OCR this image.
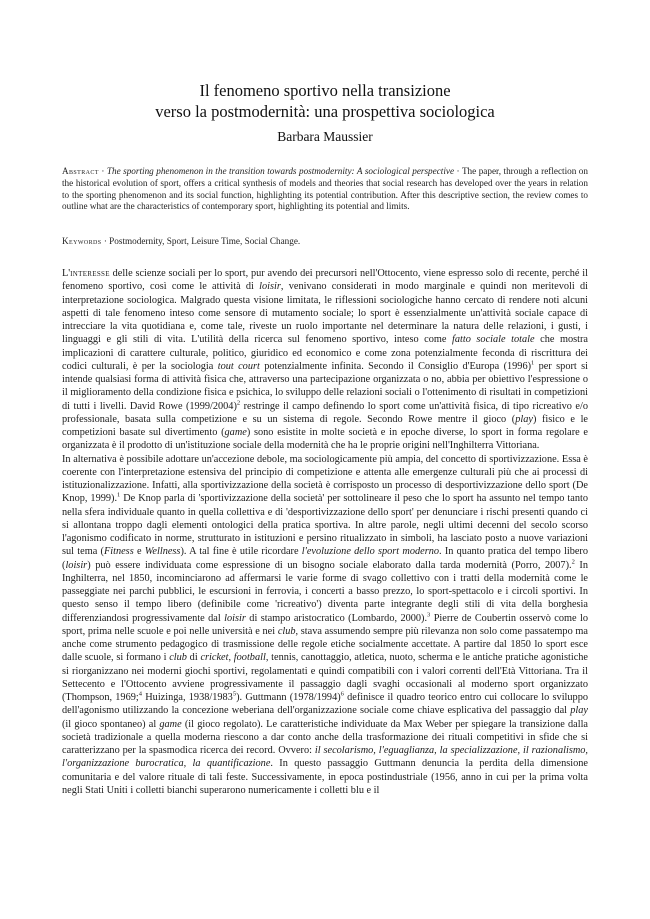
Il fenomeno sportivo nella transizione
verso la postmodernità: una prospettiva sociologica
Barbara Maussier
Abstract · The sporting phenomenon in the transition towards postmodernity: A sociological perspective · The paper, through a reflection on the historical evolution of sport, offers a critical synthesis of models and theories that social research has developed over the years in relation to the sporting phenomenon and its social function, highlighting its potential contribution. After this descriptive section, the review comes to outline what are the characteristics of contemporary sport, highlighting its potential and limits.
Keywords · Postmodernity, Sport, Leisure Time, Social Change.

L'interesse delle scienze sociali per lo sport, pur avendo dei precursori nell'Ottocento, viene espresso solo di recente, perché il fenomeno sportivo, così come le attività di loisir, venivano considerati in modo marginale e quindi non meritevoli di interpretazione sociologica. Malgrado questa visione limitata, le riflessioni sociologiche hanno cercato di rendere noti alcuni aspetti di tale fenomeno inteso come sensore di mutamento sociale; lo sport è essenzialmente un'attività sociale capace di intrecciare la vita quotidiana e, come tale, riveste un ruolo importante nel determinare la natura delle relazioni, i gusti, i linguaggi e gli stili di vita. L'utilità della ricerca sul fenomeno sportivo, inteso come fatto sociale totale che mostra implicazioni di carattere culturale, politico, giuridico ed economico e come zona potenzialmente feconda di riscrittura dei codici culturali, è per la sociologia tout court potenzialmente infinita. Secondo il Consiglio d'Europa $(1996)^1$ per sport si intende qualsiasi forma di attività fisica che, attraverso una partecipazione organizzata o no, abbia per obiettivo l'espressione o il miglioramento della condizione fisica e psichica, lo sviluppo delle relazioni sociali o l'ottenimento di risultati in competizioni di tutti i livelli. David Rowe $(1999/2004)^2$ restringe il campo definendo lo sport come un'attività fisica, di tipo ricreativo e/o professionale, basata sulla competizione e su un sistema di regole. Secondo Rowe mentre il gioco (play) fisico e le competizioni basate sul divertimento (game) sono esistite in molte società e in epoche diverse, lo sport in forma regolare e organizzata è il prodotto di un'istituzione sociale della modernità che ha le proprie origini nell'Inghilterra Vittoriana.

In alternativa è possibile adottare un'accezione debole, ma sociologicamente più ampia, del concetto di sportivizzazione. Essa è coerente con l'interpretazione estensiva del principio di competizione e attenta alle emergenze culturali più che ai processi di istituzionalizzazione. Infatti, alla sportivizzazione della società è corrisposto un processo di desportivizzazione dello sport (De Knop, 1999).$^1$ De Knop parla di 'sportivizzazione della società' per sottolineare il peso che lo sport ha assunto nel tempo tanto nella sfera individuale quanto in quella collettiva e di 'desportivizzazione dello sport' per denunciare i rischi presenti quando ci si allontana troppo dagli elementi ontologici della pratica sportiva. In altre parole, negli ultimi decenni del secolo scorso l'agonismo codificato in norme, strutturato in istituzioni e persino ritualizzato in simboli, ha lasciato posto a nuove variazioni sul tema (Fitness e Wellness). A tal fine è utile ricordare l'evoluzione dello sport moderno. In quanto pratica del tempo libero (loisir) può essere individuata come espressione di un bisogno sociale elaborato dalla tarda modernità (Porro, 2007).$^2$ In Inghilterra, nel 1850, incominciarono ad affermarsi le varie forme di svago collettivo con i tratti della modernità come le passeggiate nei parchi pubblici, le escursioni in ferrovia, i concerti a basso prezzo, lo sport-spettacolo e i circoli sportivi. In questo senso il tempo libero (definibile come 'ricreativo') diventa parte integrante degli stili di vita della borghesia differenziandosi progressivamente dal loisir di stampo aristocratico (Lombardo, 2000).$^3$ Pierre de Coubertin osservò come lo sport, prima nelle scuole e poi nelle università e nei club, stava assumendo sempre più rilevanza non solo come passatempo ma anche come strumento pedagogico di trasmissione delle regole etiche socialmente accettate. A partire dal 1850 lo sport esce dalle scuole, si formano i club di cricket, football, tennis, canottaggio, atletica, nuoto, scherma e le antiche pratiche agonistiche si riorganizzano nei moderni giochi sportivi, regolamentati e quindi compatibili con i valori correnti dell'Età Vittoriana. Tra il Settecento e l'Ottocento avviene progressivamente il passaggio dagli svaghi occasionali al moderno sport organizzato (Thompson, 1969;$^4$ Huizinga, 1938/1983$^5$). Guttmann $(1978/1994)^6$ definisce il quadro teorico entro cui collocare lo sviluppo dell'agonismo utilizzando la concezione weberiana dell'organizzazione sociale come chiave esplicativa del passaggio dal play (il gioco spontaneo) al game (il gioco regolato). Le caratteristiche individuate da Max Weber per spiegare la transizione dalla società tradizionale a quella moderna riescono a dar conto anche della trasformazione dei rituali competitivi in sfide che si caratterizzano per la spasmodica ricerca dei record. Ovvero: il secolarismo, l'eguaglianza, la specializzazione, il razionalismo, l'organizzazione burocratica, la quantificazione. In questo passaggio Guttmann denuncia la perdita della dimensione comunitaria e del valore rituale di tali feste. Successivamente, in epoca postindustriale (1956, anno in cui per la prima volta negli Stati Uniti i colletti bianchi superarono numericamente i colletti blu e il
